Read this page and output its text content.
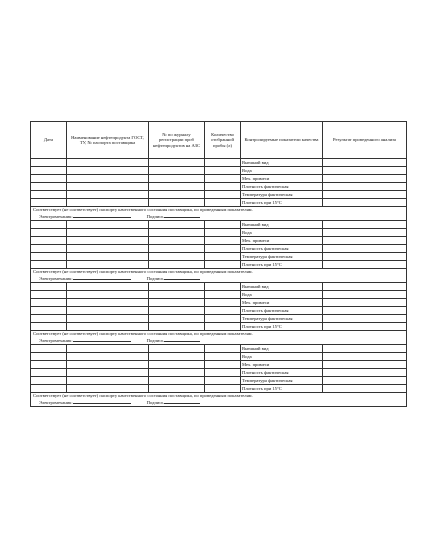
Дата	Наименование нефтепродукта ГОСТ, ТУ, № паспорта поставщика	№ по журналу регистрации проб нефтепродуктов на АЗС	Количество отобранной пробы (л)	Контролируемые показатели качества	Результат проведенного анализа
				Внешний вид	
				Вода	
				Мех. примеси	
				Плотность фактическая	
				Температура фактическая	
				Плотность при 15°С	
Соответствует (не соответствует) паспорту качественного состояния поставщика, по проведенным показателям.					
Электромеханик: Подпись					
				Внешний вид	
				Вода	
				Мех. примеси	
				Плотность фактическая	
				Температура фактическая	
				Плотность при 15°С	
Соответствует (не соответствует) паспорту качественного состояния поставщика, по проведенным показателям.					
Электромеханик: Подпись					
				Внешний вид	
				Вода	
				Мех. примеси	
				Плотность фактическая	
				Температура фактическая	
				Плотность при 15°С	
Соответствует (не соответствует) паспорту качественного состояния поставщика, по проведенным показателям.					
Электромеханик: Подпись					
				Внешний вид	
				Вода	
				Мех. примеси	
				Плотность фактическая	
				Температура фактическая	
				Плотность при 15°С	
Соответствует (не соответствует) паспорту качественного состояния поставщика, по проведенным показателям.					
Электромеханик: Подпись					
